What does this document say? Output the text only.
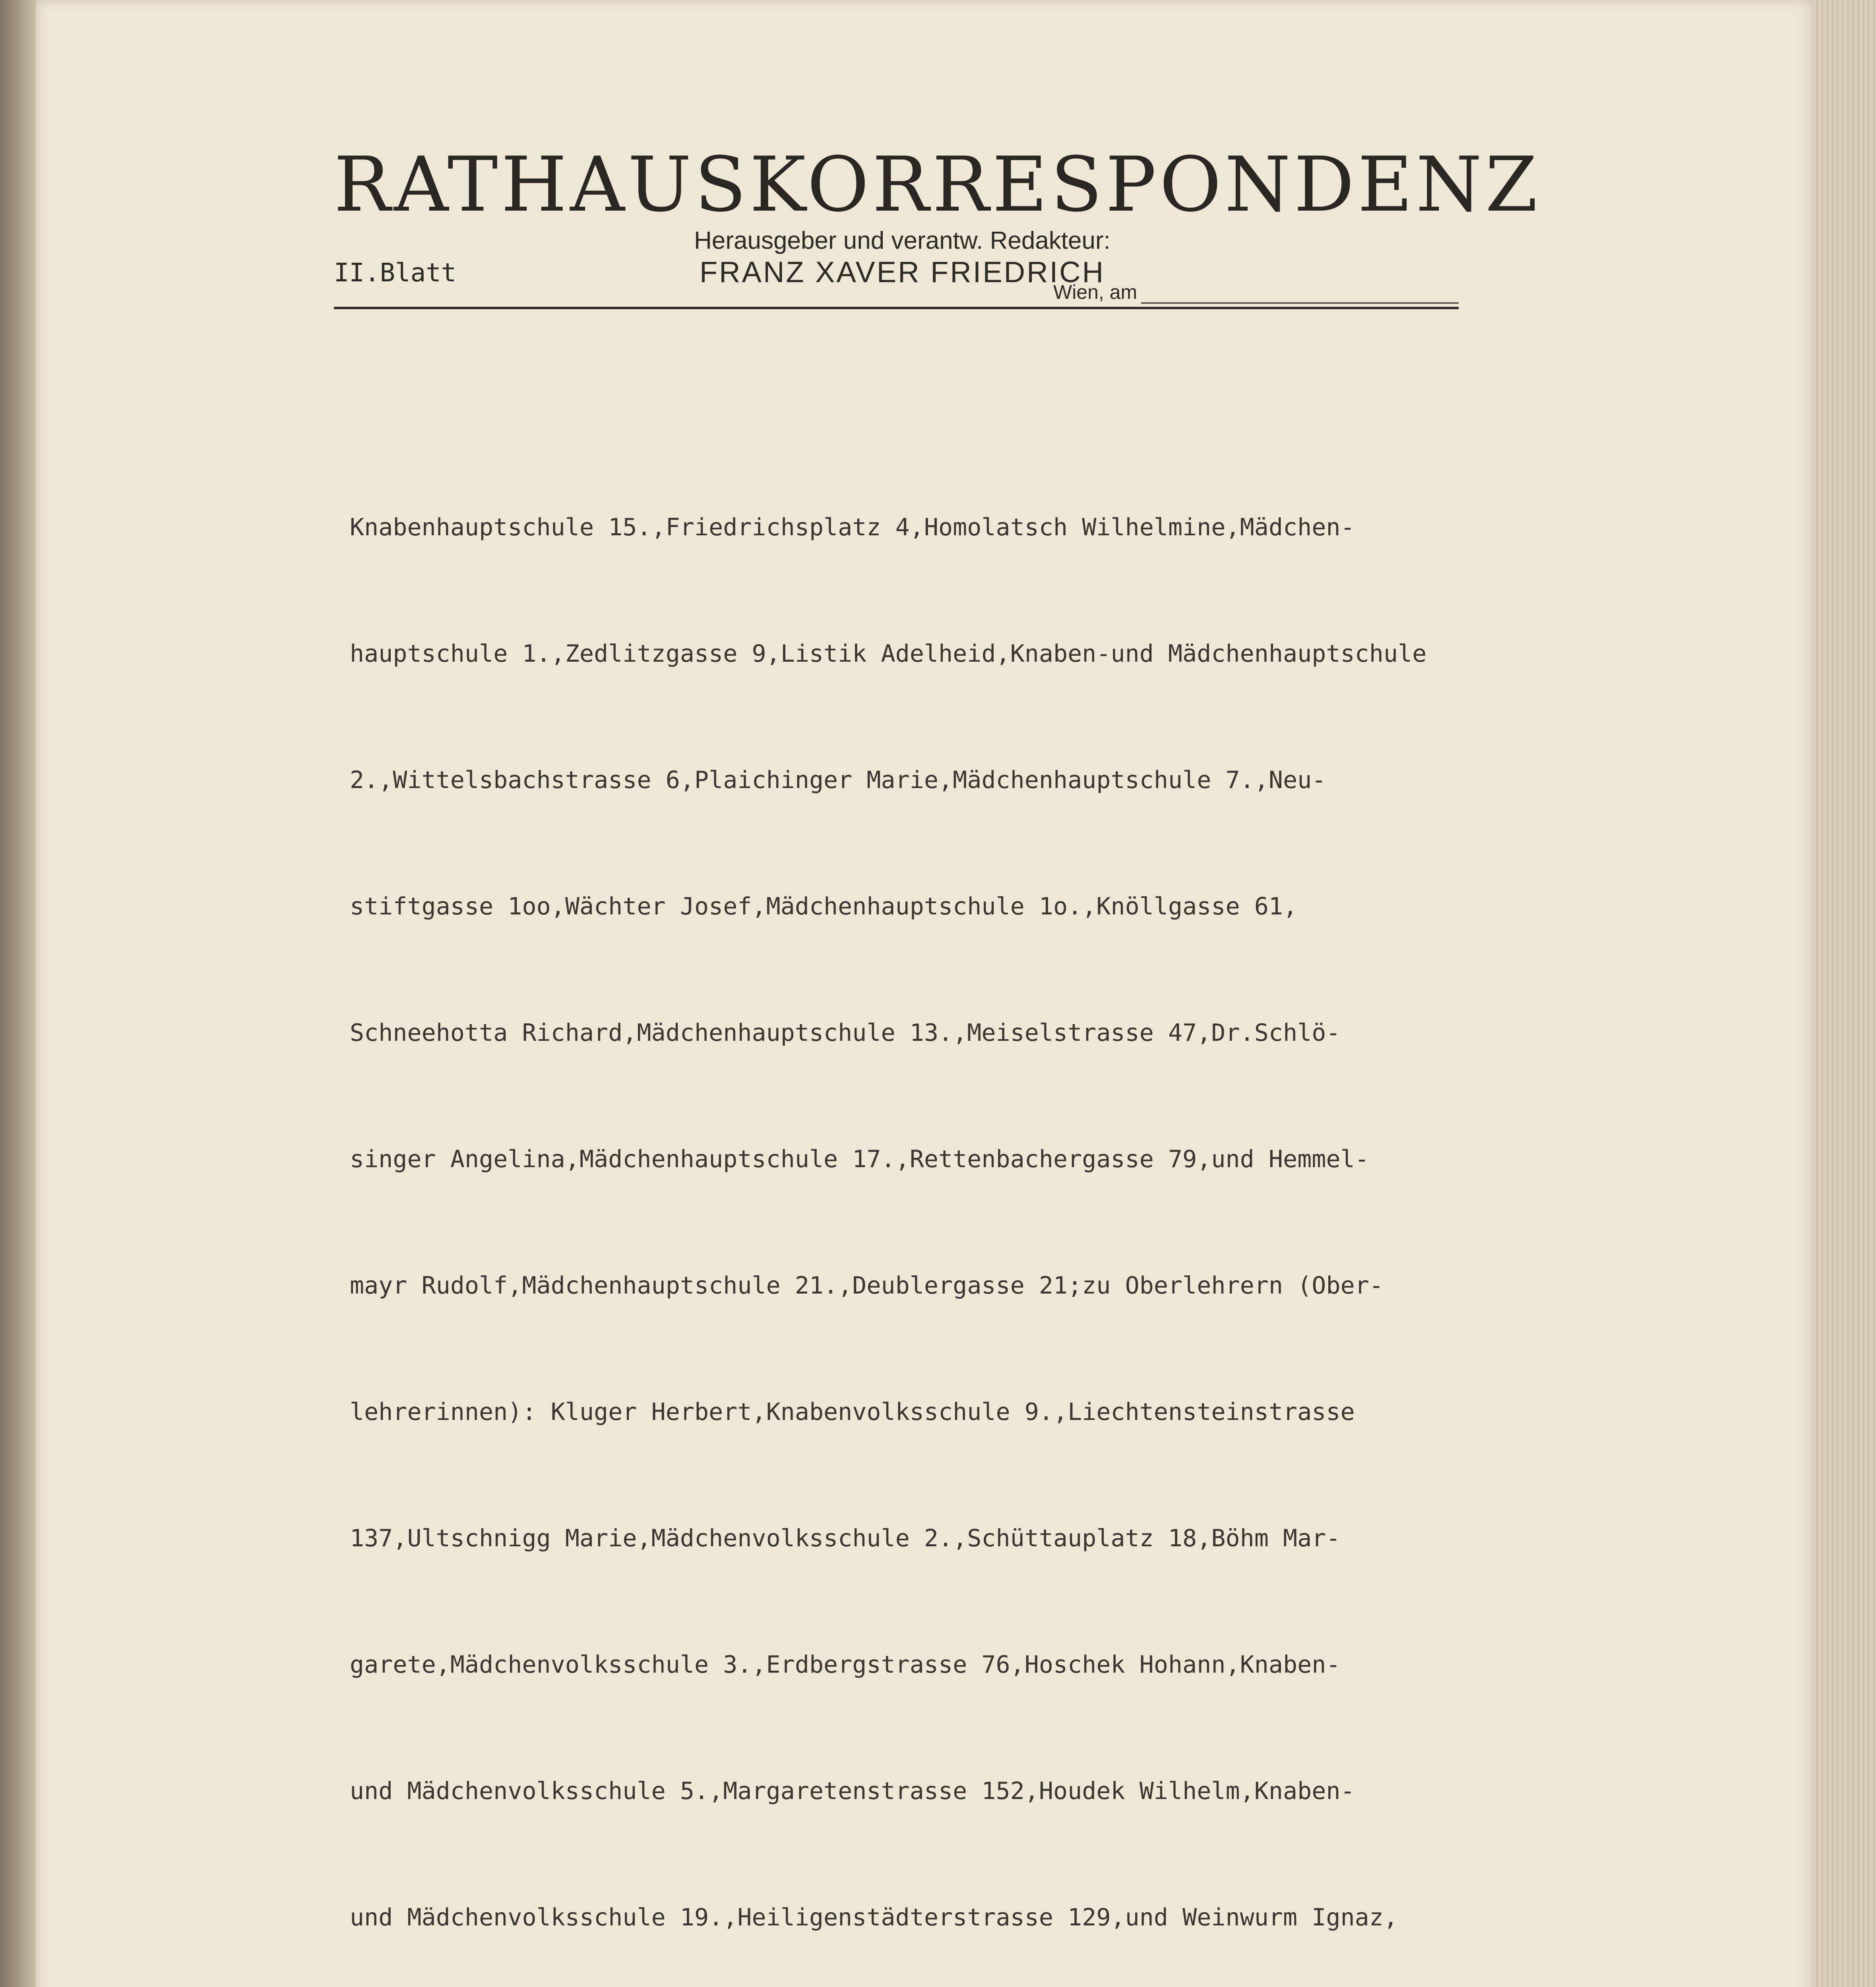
RATHAUSKORRESPONDENZ
Herausgeber und verantw. Redakteur:
FRANZ XAVER FRIEDRICH
II.Blatt
Wien, am

Knabenhauptschule 15.,Friedrichsplatz 4,Homolatsch Wilhelmine,Mädchen-

hauptschule 1.,Zedlitzgasse 9,Listik Adelheid,Knaben-und Mädchenhauptschule

2.,Wittelsbachstrasse 6,Plaichinger Marie,Mädchenhauptschule 7.,Neu-

stiftgasse 1oo,Wächter Josef,Mädchenhauptschule 1o.,Knöllgasse 61,

Schneehotta Richard,Mädchenhauptschule 13.,Meiselstrasse 47,Dr.Schlö-

singer Angelina,Mädchenhauptschule 17.,Rettenbachergasse 79,und Hemmel-

mayr Rudolf,Mädchenhauptschule 21.,Deublergasse 21;zu Oberlehrern (Ober-

lehrerinnen): Kluger Herbert,Knabenvolksschule 9.,Liechtensteinstrasse

137,Ultschnigg Marie,Mädchenvolksschule 2.,Schüttauplatz 18,Böhm Mar-

garete,Mädchenvolksschule 3.,Erdbergstrasse 76,Hoschek Hohann,Knaben-

und Mädchenvolksschule 5.,Margaretenstrasse 152,Houdek Wilhelm,Knaben-

und Mädchenvolksschule 19.,Heiligenstädterstrasse 129,und Weinwurm Ignaz,
